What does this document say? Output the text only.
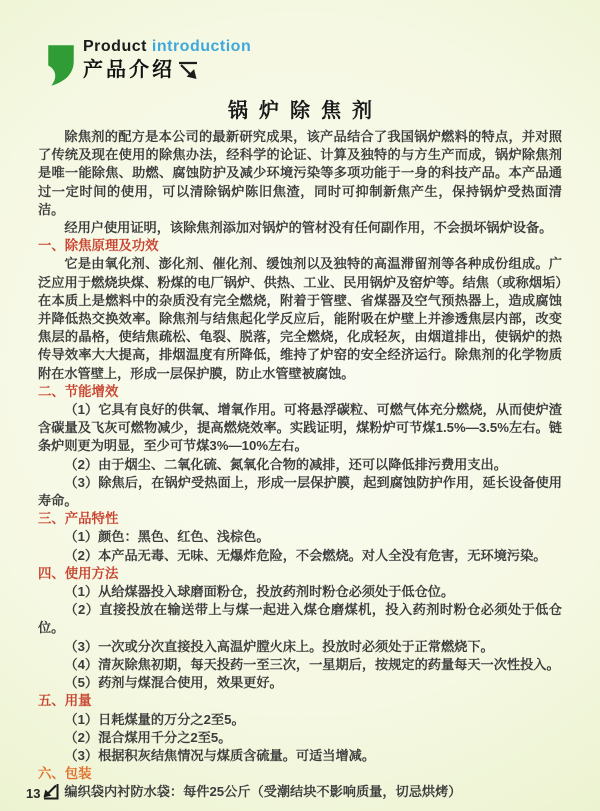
Product introduction
产品介绍
锅炉除焦剂

除焦剂的配方是本公司的最新研究成果，该产品结合了我国锅炉燃料的特点，并对照了传统及现在使用的除焦办法，经科学的论证、计算及独特的与方生产而成，锅炉除焦剂是唯一能除焦、助燃、腐蚀防护及减少环境污染等多项功能于一身的科技产品。本产品通过一定时间的使用，可以清除锅炉陈旧焦渣，同时可抑制新焦产生，保持锅炉受热面清洁。

经用户使用证明，该除焦剂添加对锅炉的管材没有任何副作用，不会损坏锅炉设备。

一、除焦原理及功效

它是由氧化剂、澎化剂、催化剂、缓蚀剂以及独特的高温滞留剂等各种成份组成。广泛应用于燃烧块煤、粉煤的电厂锅炉、供热、工业、民用锅炉及窑炉等。结焦（或称烟垢）在本质上是燃料中的杂质没有完全燃烧，附着于管壁、省煤器及空气预热器上，造成腐蚀并降低热交换效率。除焦剂与结焦起化学反应后，能附吸在炉壁上并渗透焦层内部，改变焦层的晶格，使结焦疏松、龟裂、脱落，完全燃烧，化成轻灰，由烟道排出，使锅炉的热传导效率大大提高，排烟温度有所降低，维持了炉窑的安全经济运行。除焦剂的化学物质附在水管壁上，形成一层保护膜，防止水管壁被腐蚀。

二、节能增效

（1）它具有良好的供氧、增氧作用。可将悬浮碳粒、可燃气体充分燃烧，从而使炉渣含碳量及飞灰可燃物减少，提高燃烧效率。实践证明，煤粉炉可节煤1.5%—3.5%左右。链条炉则更为明显，至少可节煤3%—10%左右。

（2）由于烟尘、二氧化硫、氮氧化合物的减排，还可以降低排污费用支出。

（3）除焦后，在锅炉受热面上，形成一层保护膜，起到腐蚀防护作用，延长设备使用寿命。

三、产品特性

（1）颜色：黑色、红色、浅棕色。

（2）本产品无毒、无味、无爆炸危险，不会燃烧。对人全没有危害，无环境污染。

四、使用方法

（1）从给煤器投入球磨面粉仓，投放药剂时粉仓必须处于低仓位。

（2）直接投放在输送带上与煤一起进入煤仓磨煤机，投入药剂时粉仓必须处于低仓位。

（3）一次或分次直接投入高温炉膛火床上。投放时必须处于正常燃烧下。

（4）清灰除焦初期，每天投药一至三次，一星期后，按规定的药量每天一次性投入。

（5）药剂与煤混合使用，效果更好。

五、用量

（1）日耗煤量的万分之2至5。

（2）混合煤用千分之2至5。

（3）根据积灰结焦情况与煤质含硫量。可适当增减。

六、包装

编织袋内衬防水袋：每件25公斤（受潮结块不影响质量，切忌烘烤）

13
